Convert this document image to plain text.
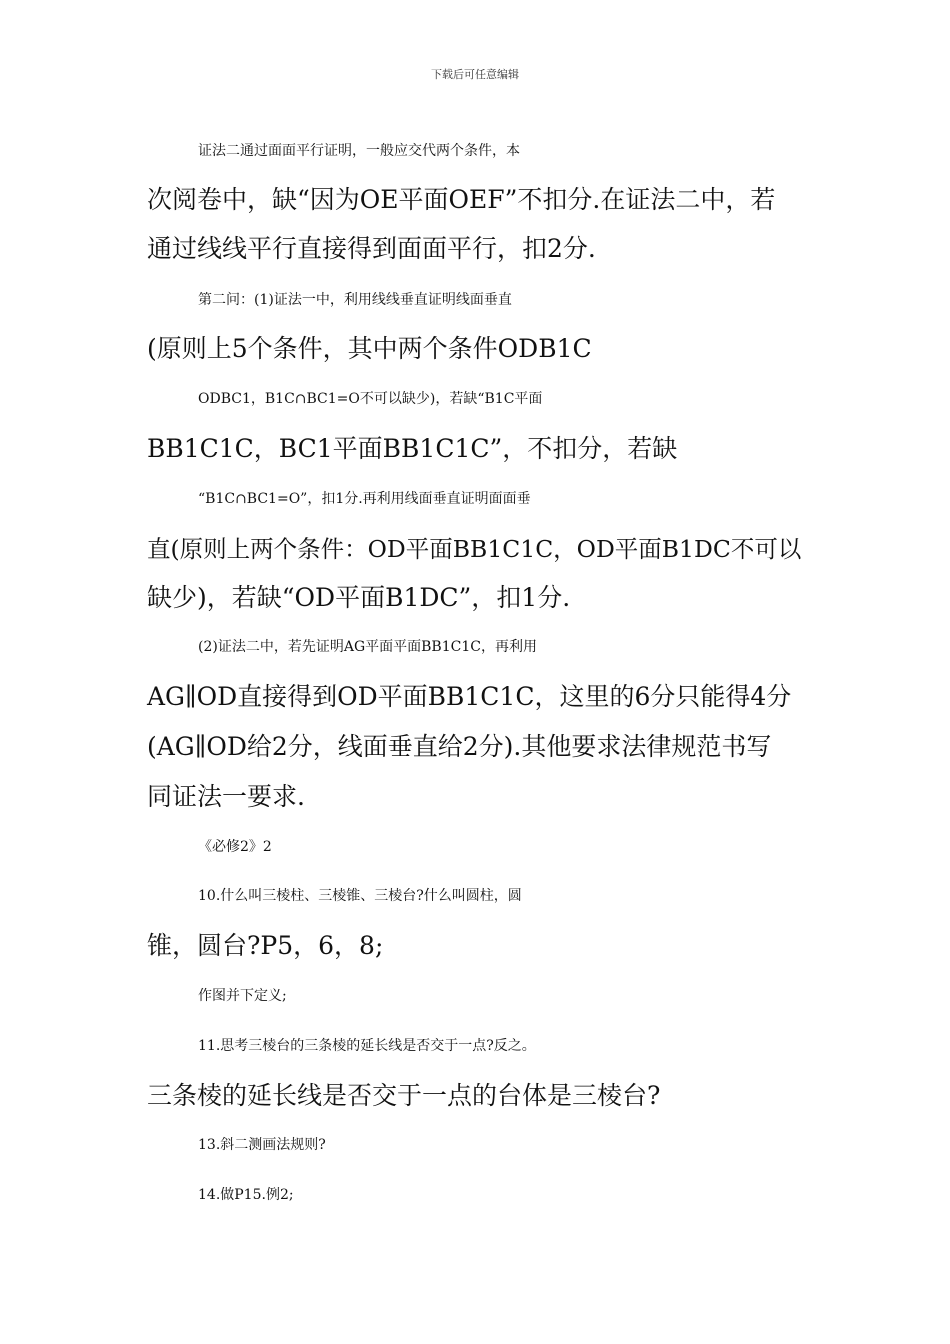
下载后可任意编辑
证法二通过面面平行证明，一般应交代两个条件，本
次阅卷中，缺“因为OE平面OEF”不扣分.在证法二中，若
通过线线平行直接得到面面平行，扣2分.
第二问：(1)证法一中，利用线线垂直证明线面垂直
(原则上5个条件，其中两个条件ODB1C
ODBC1，B1C∩BC1=O不可以缺少)，若缺“B1C平面
BB1C1C，BC1平面BB1C1C”，不扣分，若缺
“B1C∩BC1=O”，扣1分.再利用线面垂直证明面面垂
直(原则上两个条件：OD平面BB1C1C，OD平面B1DC不可以
缺少)，若缺“OD平面B1DC”，扣1分.
(2)证法二中，若先证明AG平面平面BB1C1C，再利用
AG∥OD直接得到OD平面BB1C1C，这里的6分只能得4分
(AG∥OD给2分，线面垂直给2分).其他要求法律规范书写
同证法一要求.
《必修2》2
10.什么叫三棱柱、三棱锥、三棱台?什么叫圆柱，圆
锥，圆台?P5，6，8;
作图并下定义;
11.思考三棱台的三条棱的延长线是否交于一点?反之。
三条棱的延长线是否交于一点的台体是三棱台?
13.斜二测画法规则?
14.做P15.例2;
